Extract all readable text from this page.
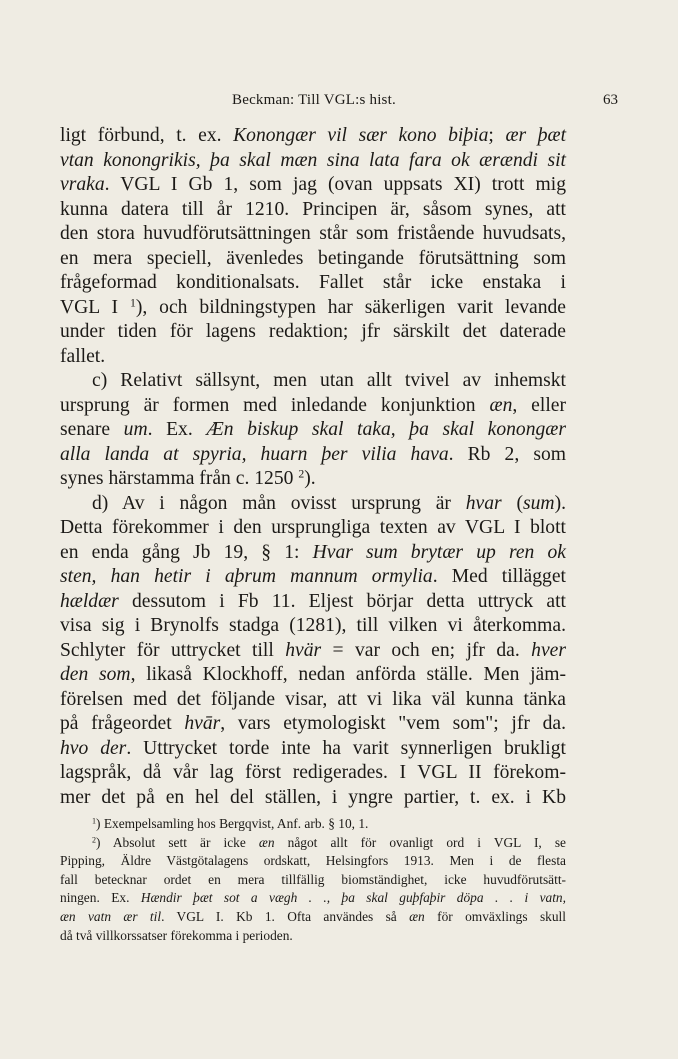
Beckman: Till VGL:s hist.	63
ligt förbund, t. ex. Konongær vil sær kono biþia; ær þæt
vtan konongrikis, þa skal mæn sina lata fara ok ærændi sit
vraka. VGL I Gb 1, som jag (ovan uppsats XI) trott mig
kunna datera till år 1210. Principen är, såsom synes, att
den stora huvudförutsättningen står som fristående huvudsats,
en mera speciell, ävenledes betingande förutsättning som
frågeformad konditionalsats. Fallet står icke enstaka i
VGL I $^1$), och bildningstypen har säkerligen varit levande
under tiden för lagens redaktion; jfr särskilt det daterade
fallet.
c) Relativt sällsynt, men utan allt tvivel av inhemskt
ursprung är formen med inledande konjunktion æn, eller
senare um. Ex. Æn biskup skal taka, þa skal konongær
alla landa at spyria, huarn þer vilia hava. Rb 2, som
synes härstamma från c. 1250 $^2$).
d) Av i någon mån ovisst ursprung är hvar (sum).
Detta förekommer i den ursprungliga texten av VGL I blott
en enda gång Jb 19, § 1: Hvar sum brytær up ren ok
sten, han hetir i aþrum mannum ormylia. Med tillägget
hældær dessutom i Fb 11. Eljest börjar detta uttryck att
visa sig i Brynolfs stadga (1281), till vilken vi återkomma.
Schlyter för uttrycket till hvär = var och en; jfr da. hver
den som, likaså Klockhoff, nedan anförda ställe. Men jäm-
förelsen med det följande visar, att vi lika väl kunna tänka
på frågeordet hvār, vars etymologiskt "vem som"; jfr da.
hvo der. Uttrycket torde inte ha varit synnerligen brukligt
lagspråk, då vår lag först redigerades. I VGL II förekom-
mer det på en hel del ställen, i yngre partier, t. ex. i Kb
$^1$) Exempelsamling hos Bergqvist, Anf. arb. § 10, 1.
$^2$) Absolut sett är icke æn något allt för ovanligt ord i VGL I, se
Pipping, Äldre Västgötalagens ordskatt, Helsingfors 1913. Men i de flesta
fall betecknar ordet en mera tillfällig biomständighet, icke huvudförutsätt-
ningen. Ex. Hændir þæt sot a vægh . ., þa skal guþfaþir döpa . . i vatn,
æn vatn ær til. VGL I. Kb 1. Ofta användes så æn för omväxlings skull
då två villkorssatser förekomma i perioden.
